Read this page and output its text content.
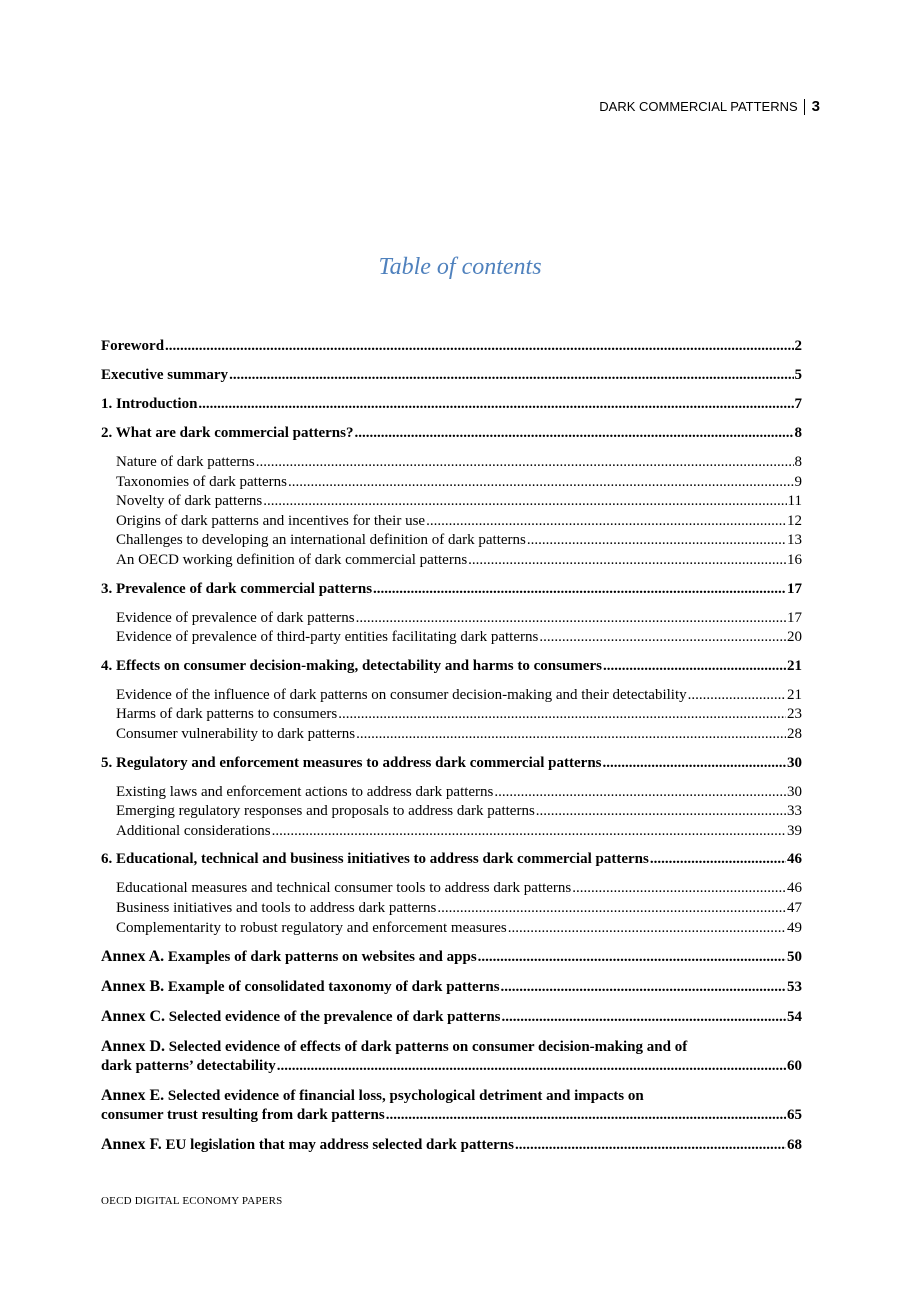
DARK COMMERCIAL PATTERNS 3
Table of contents
Foreword .....	2
Executive summary .....	5
1. Introduction .....	7
2. What are dark commercial patterns? .....	8
Nature of dark patterns .....	8
Taxonomies of dark patterns .....	9
Novelty of dark patterns .....	11
Origins of dark patterns and incentives for their use .....	12
Challenges to developing an international definition of dark patterns .....	13
An OECD working definition of dark commercial patterns .....	16
3. Prevalence of dark commercial patterns .....	17
Evidence of prevalence of dark patterns .....	17
Evidence of prevalence of third-party entities facilitating dark patterns .....	20
4. Effects on consumer decision-making, detectability and harms to consumers .....	21
Evidence of the influence of dark patterns on consumer decision-making and their detectability .....	21
Harms of dark patterns to consumers .....	23
Consumer vulnerability to dark patterns .....	28
5. Regulatory and enforcement measures to address dark commercial patterns .....	30
Existing laws and enforcement actions to address dark patterns .....	30
Emerging regulatory responses and proposals to address dark patterns .....	33
Additional considerations .....	39
6. Educational, technical and business initiatives to address dark commercial patterns .....	46
Educational measures and technical consumer tools to address dark patterns .....	46
Business initiatives and tools to address dark patterns .....	47
Complementarity to robust regulatory and enforcement measures .....	49
Annex A. Examples of dark patterns on websites and apps .....	50
Annex B. Example of consolidated taxonomy of dark patterns .....	53
Annex C. Selected evidence of the prevalence of dark patterns .....	54
Annex D. Selected evidence of effects of dark patterns on consumer decision-making and of
dark patterns’ detectability .....	60
Annex E. Selected evidence of financial loss, psychological detriment and impacts on
consumer trust resulting from dark patterns .....	65
Annex F. EU legislation that may address selected dark patterns .....	68
OECD DIGITAL ECONOMY PAPERS
